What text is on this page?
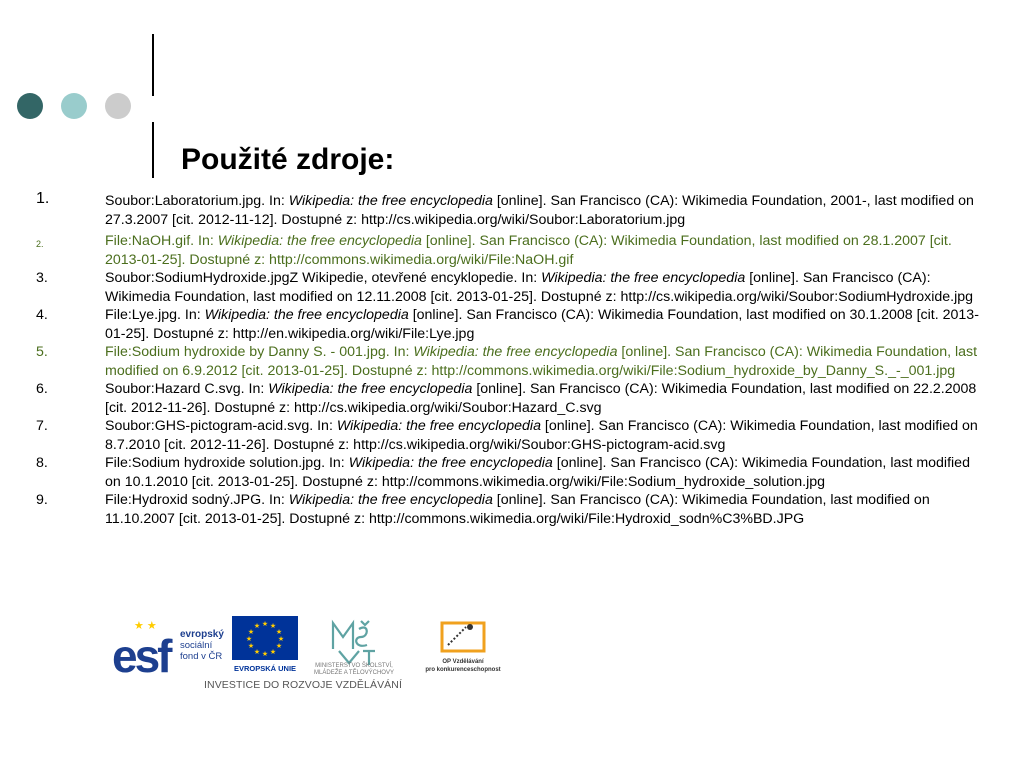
Použité zdroje:
1.	Soubor:Laboratorium.jpg. In: Wikipedia: the free encyclopedia [online]. San Francisco (CA): Wikimedia Foundation, 2001-, last modified on 27.3.2007 [cit. 2012-11-12]. Dostupné z: http://cs.wikipedia.org/wiki/Soubor:Laboratorium.jpg
2.	File:NaOH.gif. In: Wikipedia: the free encyclopedia [online]. San Francisco (CA): Wikimedia Foundation, last modified on 28.1.2007 [cit. 2013-01-25]. Dostupné z: http://commons.wikimedia.org/wiki/File:NaOH.gif
3.	Soubor:SodiumHydroxide.jpgZ Wikipedie, otevřené encyklopedie. In: Wikipedia: the free encyclopedia [online]. San Francisco (CA): Wikimedia Foundation, last modified on 12.11.2008 [cit. 2013-01-25]. Dostupné z: http://cs.wikipedia.org/wiki/Soubor:SodiumHydroxide.jpg
4.	File:Lye.jpg. In: Wikipedia: the free encyclopedia [online]. San Francisco (CA): Wikimedia Foundation, last modified on 30.1.2008 [cit. 2013-01-25]. Dostupné z: http://en.wikipedia.org/wiki/File:Lye.jpg
5.	File:Sodium hydroxide by Danny S. - 001.jpg. In: Wikipedia: the free encyclopedia [online]. San Francisco (CA): Wikimedia Foundation, last modified on 6.9.2012 [cit. 2013-01-25]. Dostupné z: http://commons.wikimedia.org/wiki/File:Sodium_hydroxide_by_Danny_S._-_001.jpg
6.	Soubor:Hazard C.svg. In: Wikipedia: the free encyclopedia [online]. San Francisco (CA): Wikimedia Foundation, last modified on 22.2.2008 [cit. 2012-11-26]. Dostupné z: http://cs.wikipedia.org/wiki/Soubor:Hazard_C.svg
7.	Soubor:GHS-pictogram-acid.svg. In: Wikipedia: the free encyclopedia [online]. San Francisco (CA): Wikimedia Foundation, last modified on 8.7.2010 [cit. 2012-11-26]. Dostupné z: http://cs.wikipedia.org/wiki/Soubor:GHS-pictogram-acid.svg
8.	File:Sodium hydroxide solution.jpg. In: Wikipedia: the free encyclopedia [online]. San Francisco (CA): Wikimedia Foundation, last modified on 10.1.2010 [cit. 2013-01-25]. Dostupné z: http://commons.wikimedia.org/wiki/File:Sodium_hydroxide_solution.jpg
9.	File:Hydroxid sodný.JPG. In: Wikipedia: the free encyclopedia [online]. San Francisco (CA): Wikimedia Foundation, last modified on 11.10.2007 [cit. 2013-01-25]. Dostupné z: http://commons.wikimedia.org/wiki/File:Hydroxid_sodn%C3%BD.JPG
esf
★ ★
evropský
sociální
fond v ČR
★ ★
★
★
★
★
★
★
★
★
★
★
EVROPSKÁ UNIE	MINISTERSTVO ŠKOLSTVÍ,
MLÁDEŽE A TĚLOVÝCHOVY
OP Vzdělávání
pro konkurenceschopnost
INVESTICE DO ROZVOJE VZDĚLÁVÁNÍ
